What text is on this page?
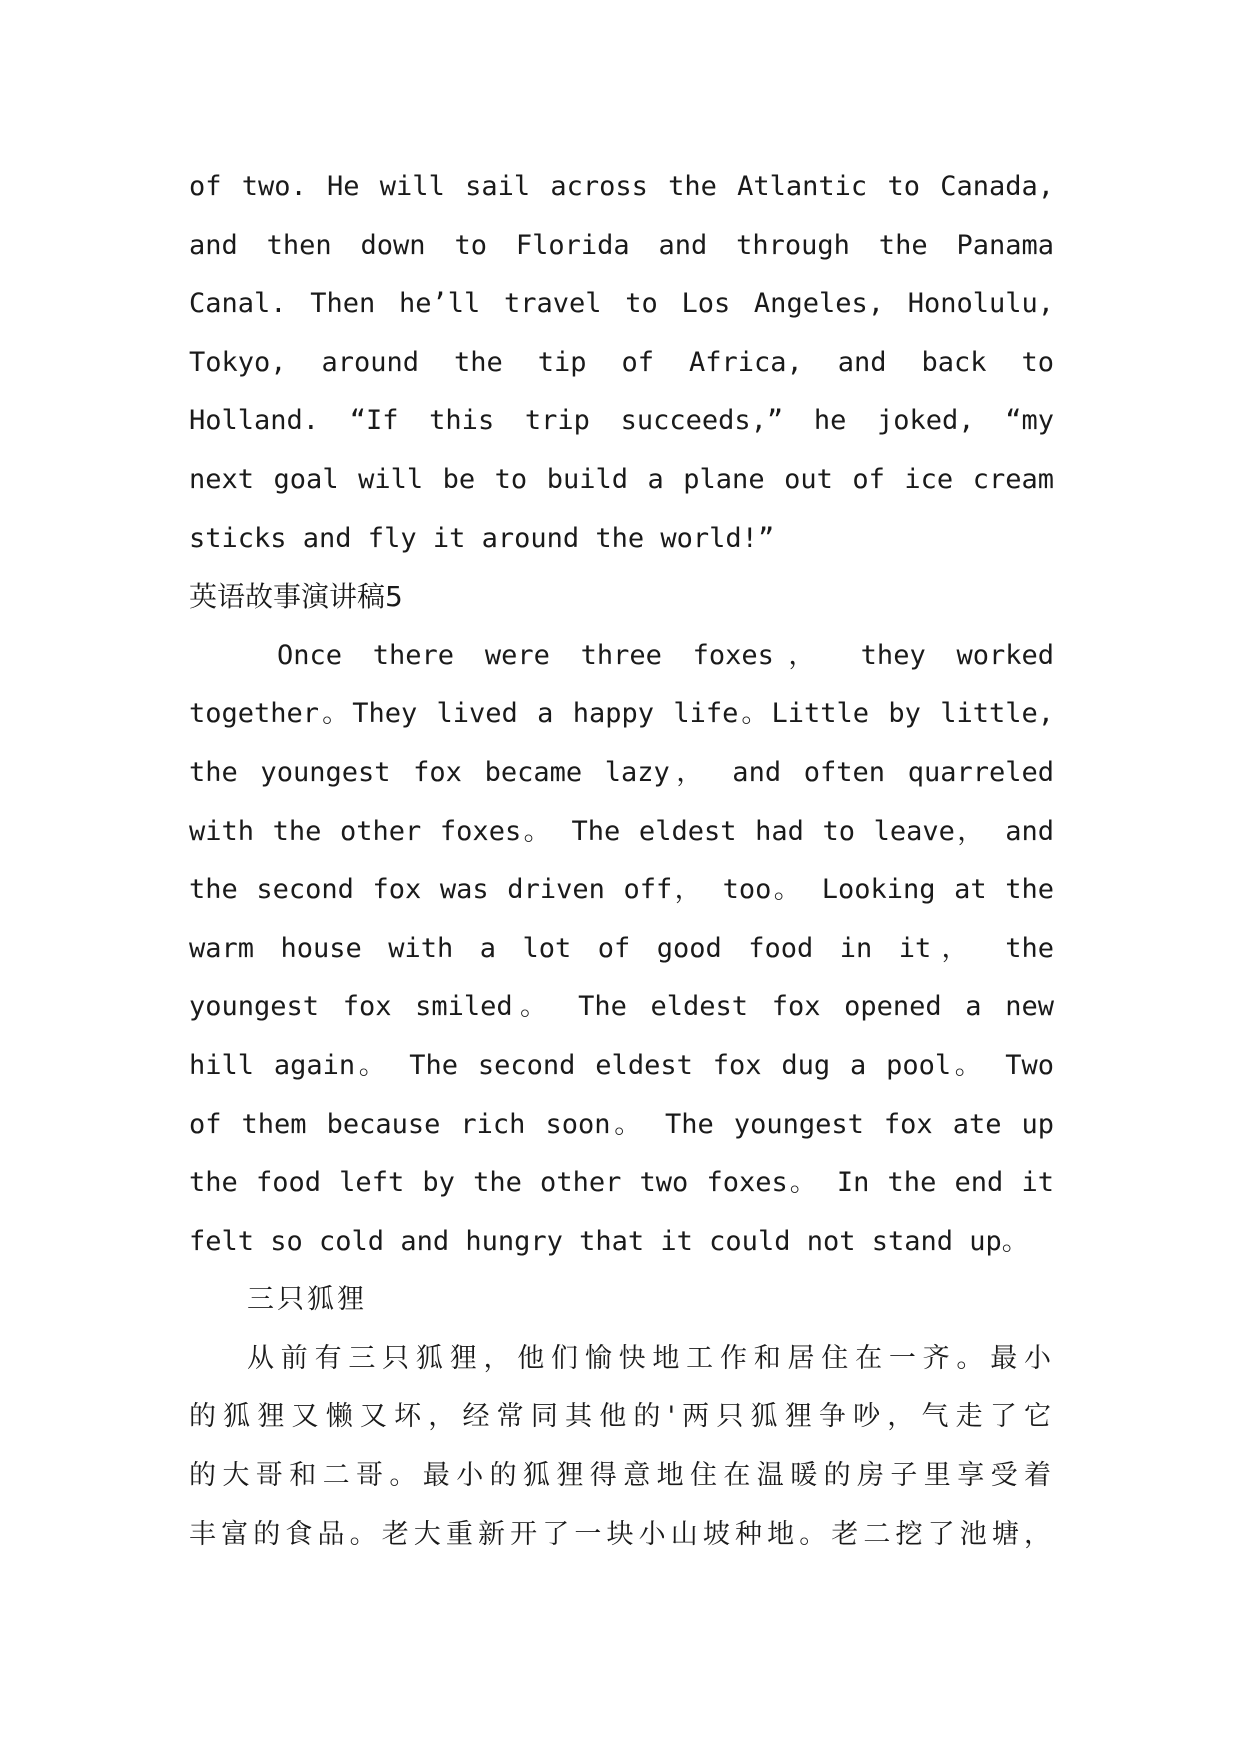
of two. He will sail across the Atlantic to Canada,
and then down to Florida and through the Panama
Canal. Then he’ll travel to Los Angeles, Honolulu,
Tokyo, around the tip of Africa, and back to
Holland. “If this trip succeeds,” he joked, “my
next goal will be to build a plane out of ice cream
sticks and fly it around the world!”
英语故事演讲稿5
Once there were three foxes， they worked
together。They lived a happy life。Little by little,
the youngest fox became lazy， and often quarreled
with the other foxes。 The eldest had to leave， and
the second fox was driven off， too。 Looking at the
warm house with a lot of good food in it， the
youngest fox smiled。 The eldest fox opened a new
hill again。 The second eldest fox dug a pool。 Two
of them because rich soon。 The youngest fox ate up
the food left by the other two foxes。 In the end it
felt so cold and hungry that it could not stand up。
三只狐狸
从前有三只狐狸，他们愉快地工作和居住在一齐。最小
的狐狸又懒又坏，经常同其他的'两只狐狸争吵，气走了它
的大哥和二哥。最小的狐狸得意地住在温暖的房子里享受着
丰富的食品。老大重新开了一块小山坡种地。老二挖了池塘，
